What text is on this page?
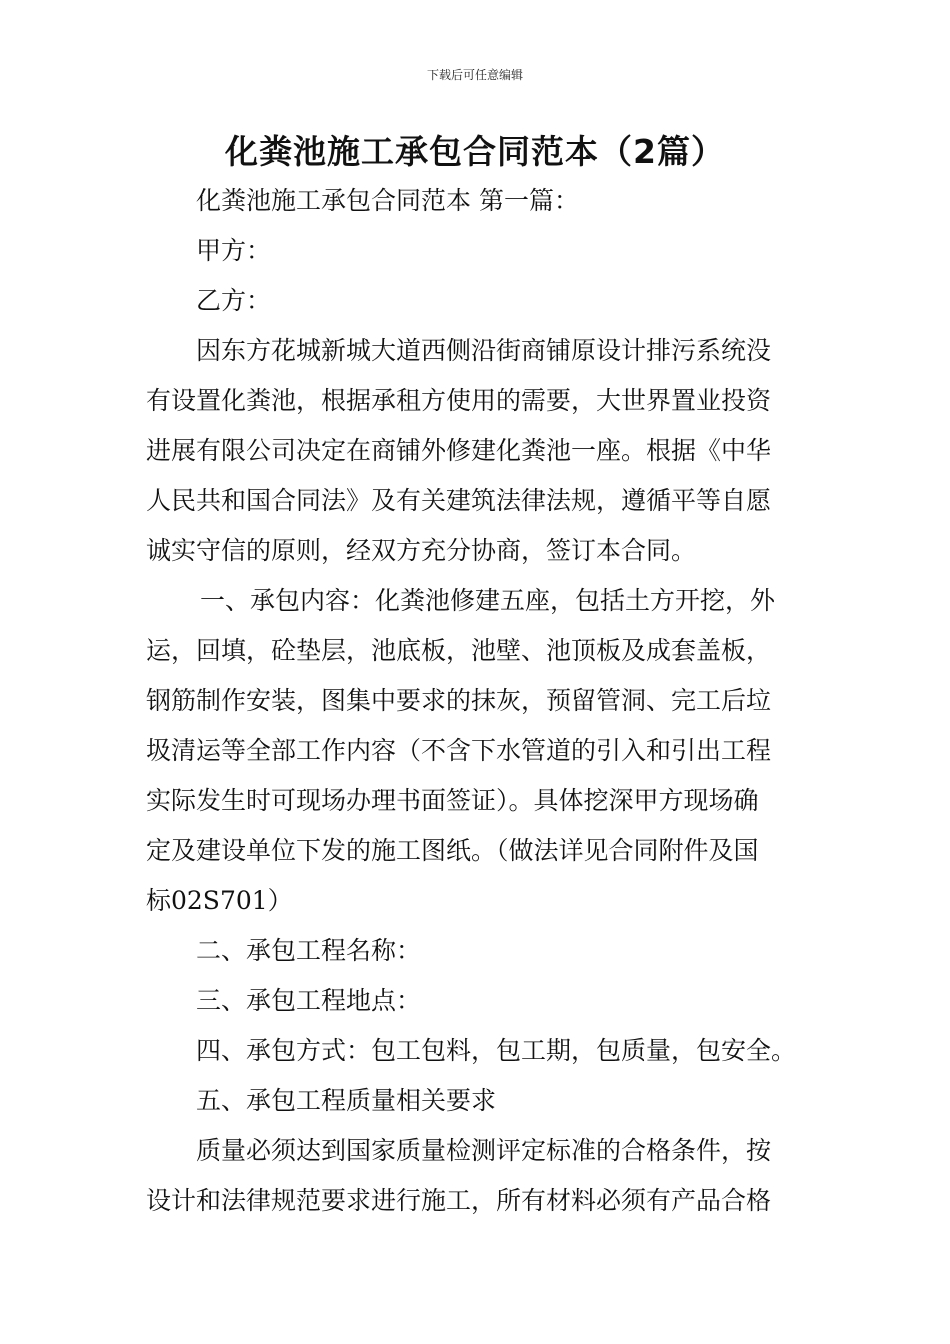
下载后可任意编辑
化粪池施工承包合同范本（2篇）
化粪池施工承包合同范本 第一篇：
甲方：
乙方：
因东方花城新城大道西侧沿街商铺原设计排污系统没
有设置化粪池，根据承租方使用的需要，大世界置业投资
进展有限公司决定在商铺外修建化粪池一座。根据《中华
人民共和国合同法》及有关建筑法律法规，遵循平等自愿
诚实守信的原则，经双方充分协商，签订本合同。
一、承包内容：化粪池修建五座，包括土方开挖，外
运，回填，砼垫层，池底板，池壁、池顶板及成套盖板，
钢筋制作安装，图集中要求的抹灰，预留管洞、完工后垃
圾清运等全部工作内容（不含下水管道的引入和引出工程
实际发生时可现场办理书面签证）。具体挖深甲方现场确
定及建设单位下发的施工图纸。（做法详见合同附件及国
标02S701）
二、承包工程名称：
三、承包工程地点：
四、承包方式：包工包料，包工期，包质量，包安全。
五、承包工程质量相关要求
质量必须达到国家质量检测评定标准的合格条件，按
设计和法律规范要求进行施工，所有材料必须有产品合格
